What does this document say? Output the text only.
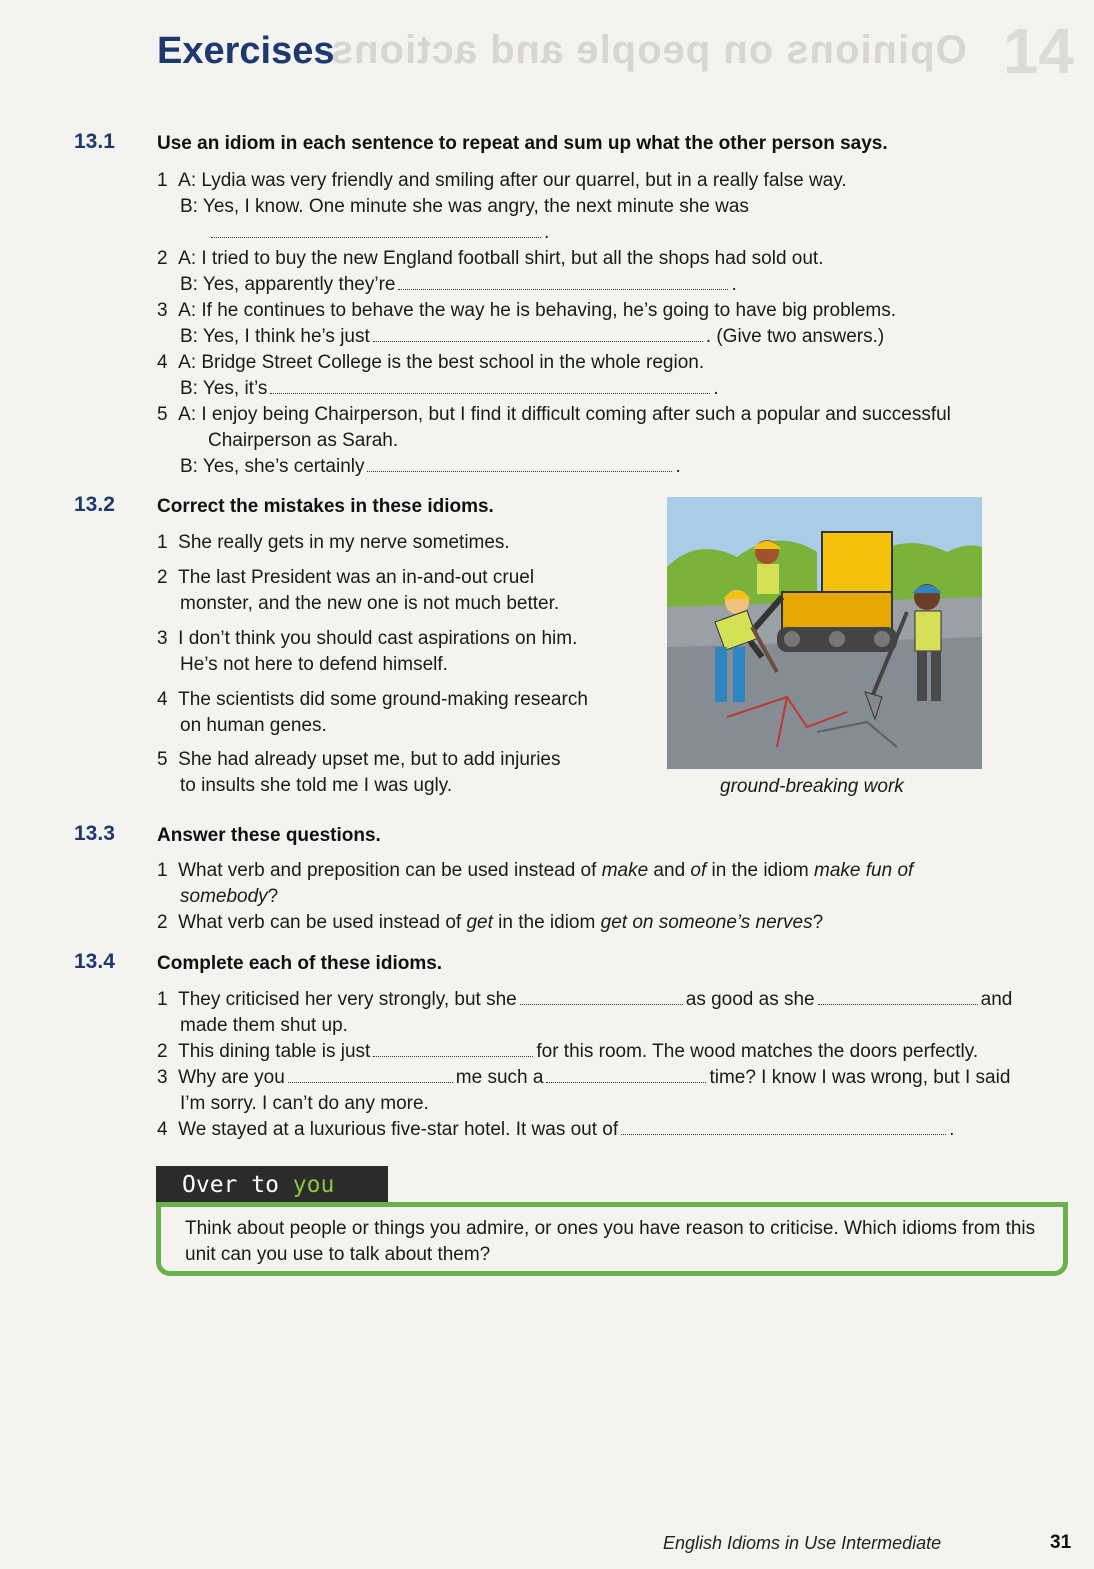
Opinions on people and actions 14
Exercises
13.1 Use an idiom in each sentence to repeat and sum up what the other person says.
1 A: Lydia was very friendly and smiling after our quarrel, but in a really false way.
B: Yes, I know. One minute she was angry, the next minute she was
.
2 A: I tried to buy the new England football shirt, but all the shops had sold out.
B: Yes, apparently they’re	.
3 A: If he continues to behave the way he is behaving, he’s going to have big problems.
B: Yes, I think he’s just	. (Give two answers.)
4 A: Bridge Street College is the best school in the whole region.
B: Yes, it’s	.
5 A: I enjoy being Chairperson, but I find it difficult coming after such a popular and successful
Chairperson as Sarah.
B: Yes, she’s certainly	.
13.2 Correct the mistakes in these idioms.
1 She really gets in my nerve sometimes.
2 The last President was an in-and-out cruel
monster, and the new one is not much better.
3 I don’t think you should cast aspirations on him.
He’s not here to defend himself.
4 The scientists did some ground-making research
on human genes.
5 She had already upset me, but to add injuries
to insults she told me I was ugly.	ground-breaking work
13.3 Answer these questions.
1  What verb and preposition can be used instead of make and of in the idiom make fun of
somebody?
2  What verb can be used instead of get in the idiom get on someone’s nerves?
13.4 Complete each of these idioms.
1  They criticised her very strongly, but she	as good as she	and
made them shut up.
2  This dining table is just	for this room. The wood matches the doors perfectly.
3  Why are you	me such a	time? I know I was wrong, but I said
I’m sorry. I can’t do any more.
4  We stayed at a luxurious five-star hotel. It was out of	.
Over to you
Think about people or things you admire, or ones you have reason to criticise. Which idioms from this
unit can you use to talk about them?
English Idioms in Use Intermediate	31
